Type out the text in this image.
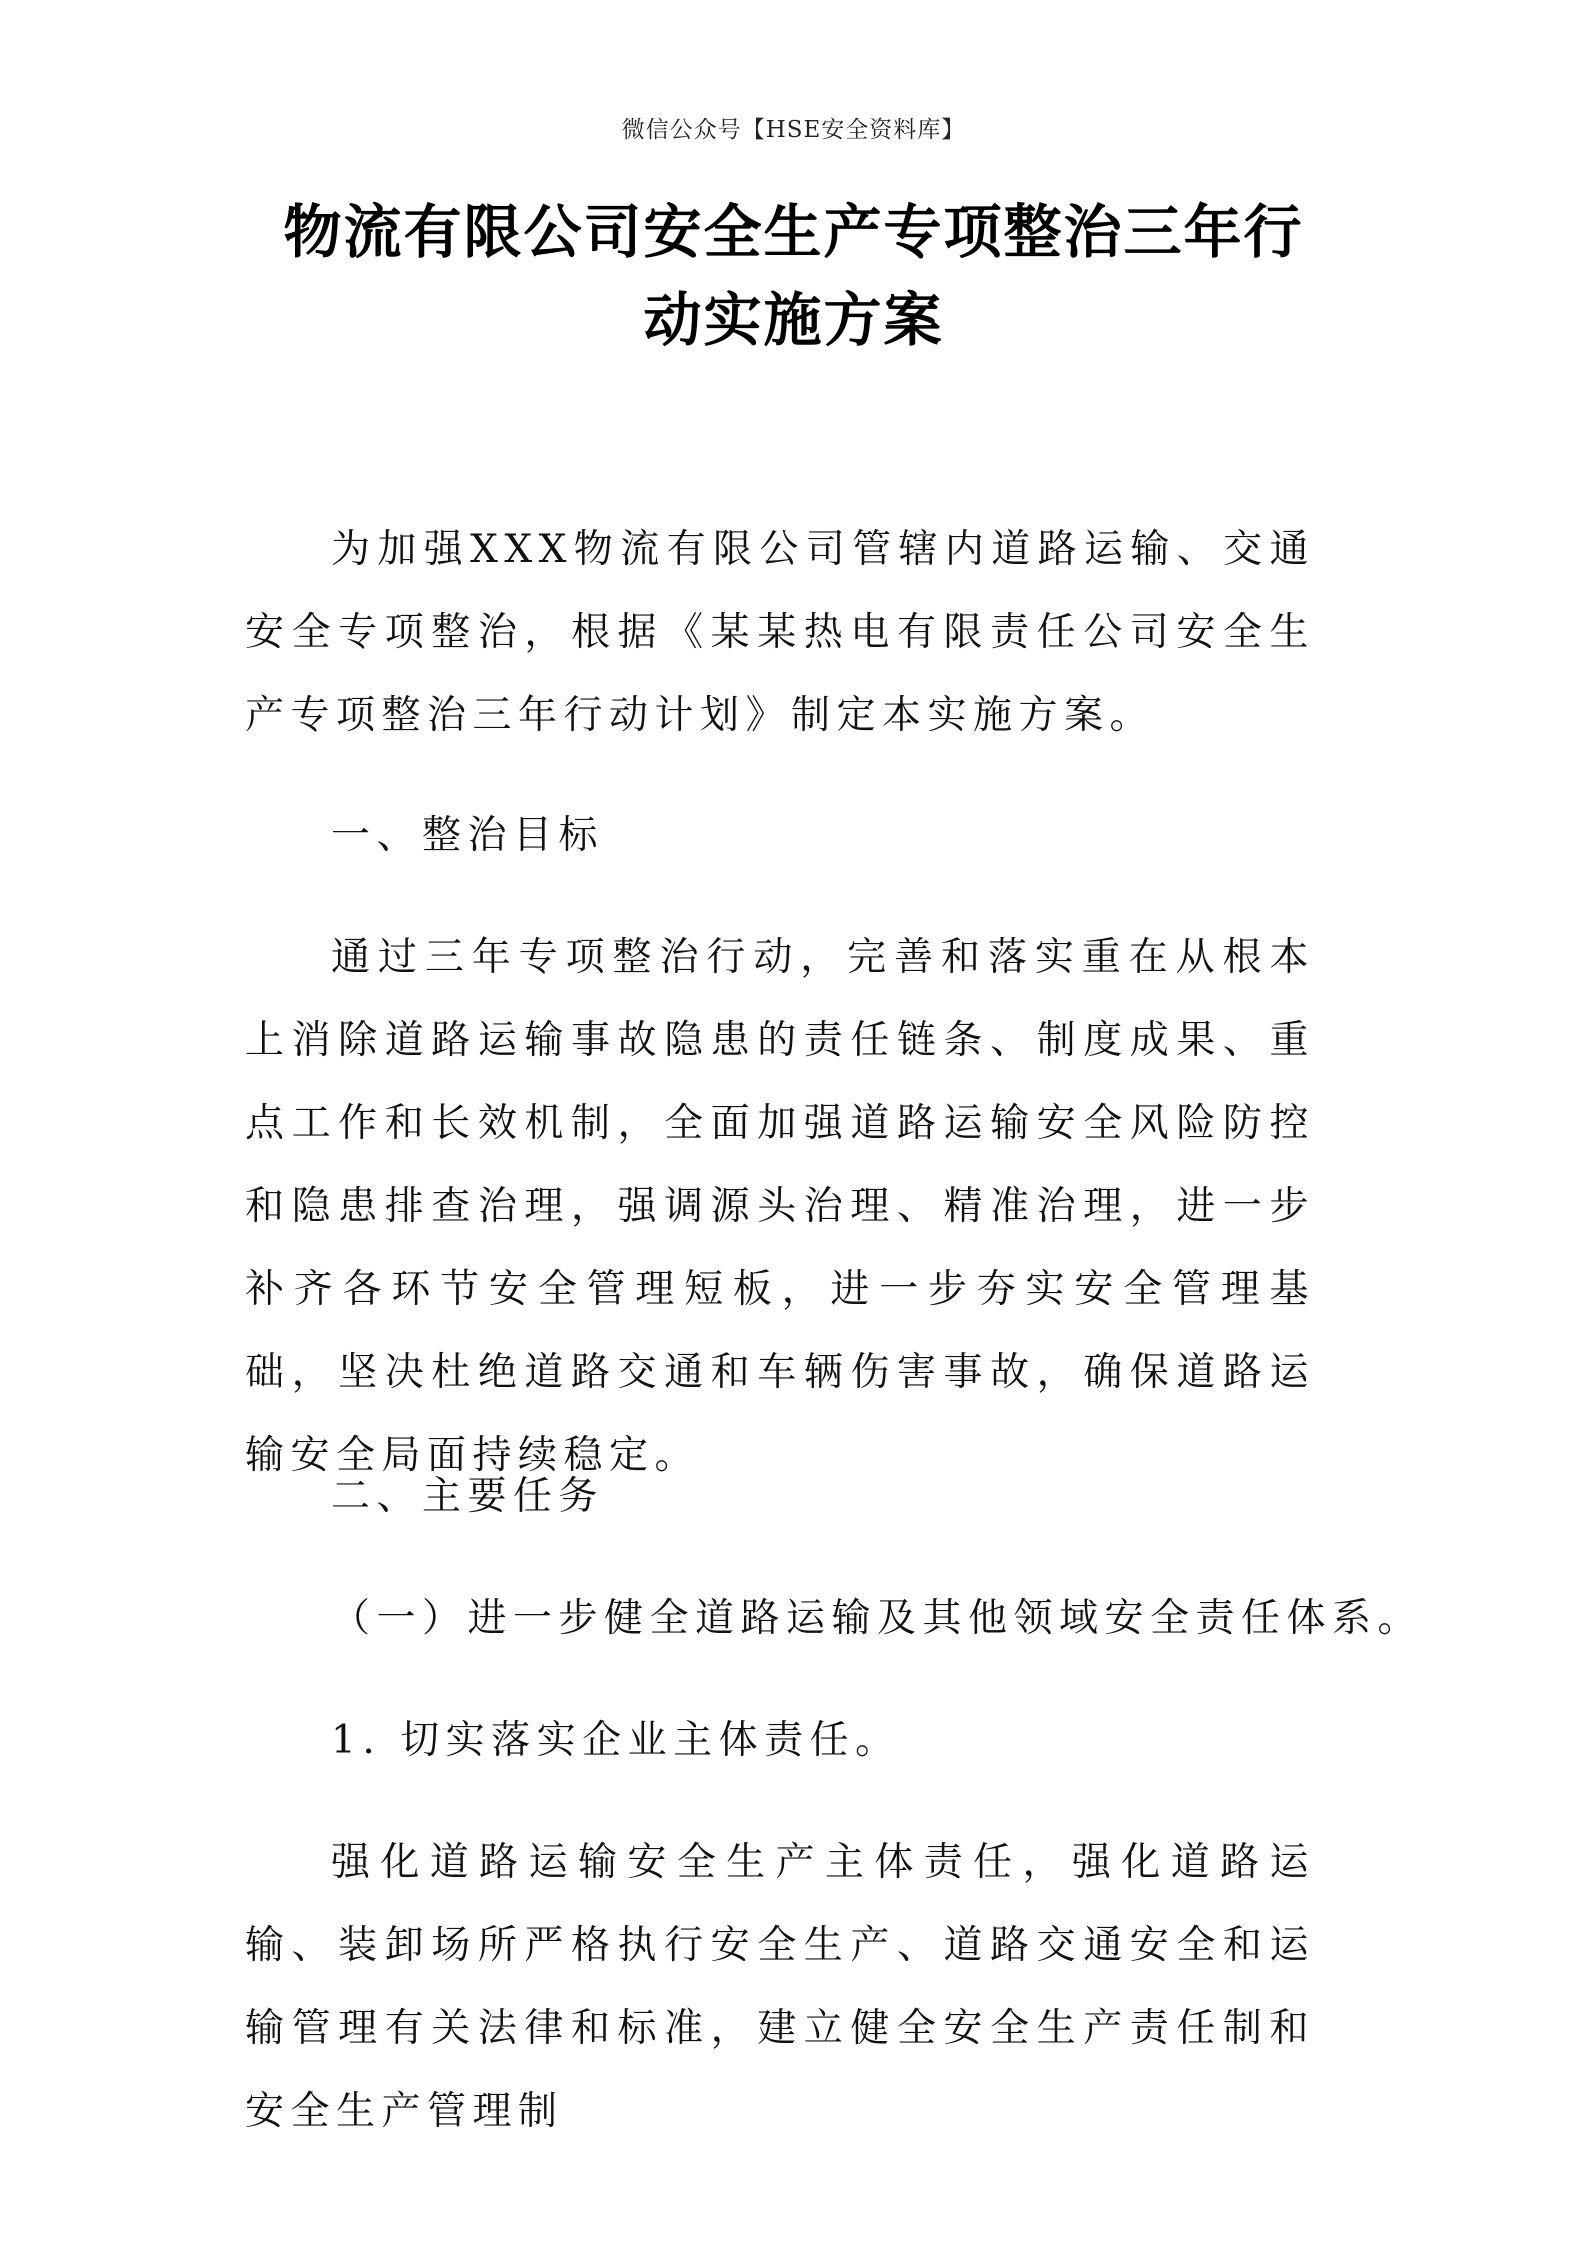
微信公众号【HSE安全资料库】
物流有限公司安全生产专项整治三年行
动实施方案

为加强XXX物流有限公司管辖内道路运输、交通安全专项整治，根据《某某热电有限责任公司安全生产专项整治三年行动计划》制定本实施方案。

一、整治目标

通过三年专项整治行动，完善和落实重在从根本上消除道路运输事故隐患的责任链条、制度成果、重点工作和长效机制，全面加强道路运输安全风险防控和隐患排查治理，强调源头治理、精准治理，进一步补齐各环节安全管理短板，进一步夯实安全管理基础，坚决杜绝道路交通和车辆伤害事故，确保道路运输安全局面持续稳定。

二、主要任务

（一）进一步健全道路运输及其他领域安全责任体系。

1. 切实落实企业主体责任。

强化道路运输安全生产主体责任，强化道路运输、装卸场所严格执行安全生产、道路交通安全和运输管理有关法律和标准，建立健全安全生产责任制和安全生产管理制
